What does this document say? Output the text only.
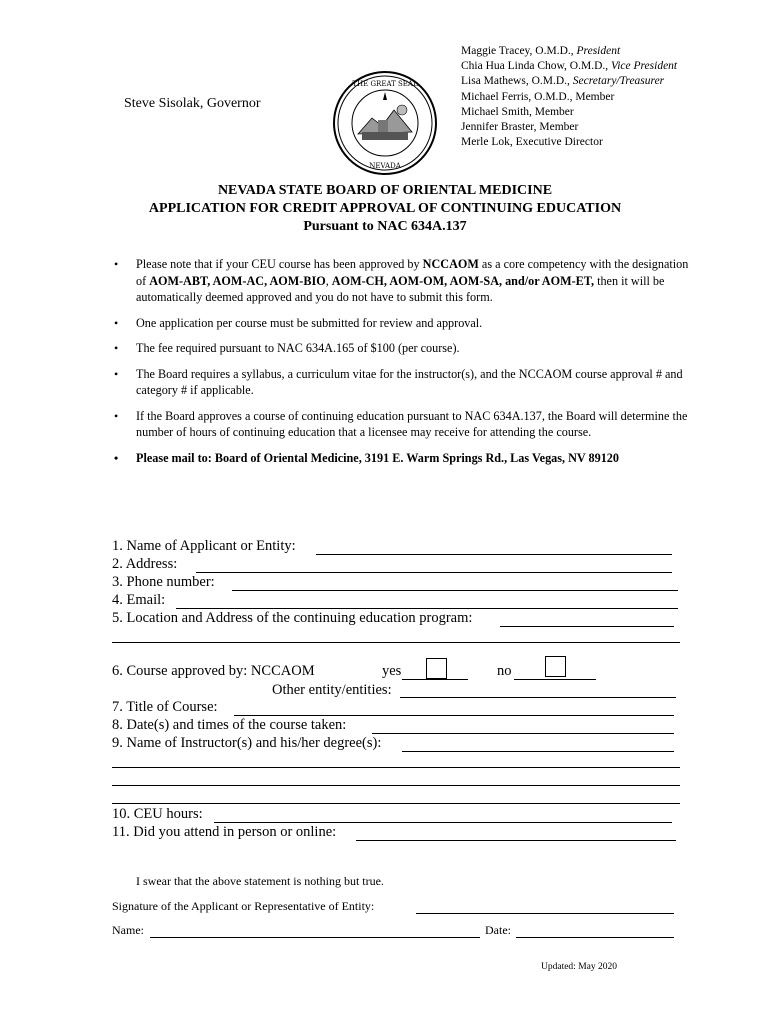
Steve Sisolak, Governor
THE GREAT SEAL
NEVADA
Maggie Tracey, O.M.D., President
Chia Hua Linda Chow, O.M.D., Vice President
Lisa Mathews, O.M.D., Secretary/Treasurer
Michael Ferris, O.M.D., Member
Michael Smith, Member
Jennifer Braster, Member
Merle Lok, Executive Director
NEVADA STATE BOARD OF ORIENTAL MEDICINE
APPLICATION FOR CREDIT APPROVAL OF CONTINUING EDUCATION
Pursuant to NAC 634A.137
• Please note that if your CEU course has been approved by NCCAOM as a core competency with the designation of AOM-ABT, AOM-AC, AOM-BIO, AOM-CH, AOM-OM, AOM-SA, and/or AOM-ET, then it will be automatically deemed approved and you do not have to submit this form.
• One application per course must be submitted for review and approval.
• The fee required pursuant to NAC 634A.165 of $100 (per course).
• The Board requires a syllabus, a curriculum vitae for the instructor(s), and the NCCAOM course approval # and category # if applicable.
• If the Board approves a course of continuing education pursuant to NAC 634A.137, the Board will determine the number of hours of continuing education that a licensee may receive for attending the course.
• Please mail to: Board of Oriental Medicine, 3191 E. Warm Springs Rd., Las Vegas, NV 89120
1. Name of Applicant or Entity:
2. Address:
3. Phone number:
4. Email:
5. Location and Address of the continuing education program:
6. Course approved by: NCCAOM	yes	no
Other entity/entities:
7. Title of Course:
8. Date(s) and times of the course taken:
9. Name of Instructor(s) and his/her degree(s):
10. CEU hours:
11. Did you attend in person or online:
I swear that the above statement is nothing but true.
Signature of the Applicant or Representative of Entity:
Name:	Date:
Updated: May 2020
